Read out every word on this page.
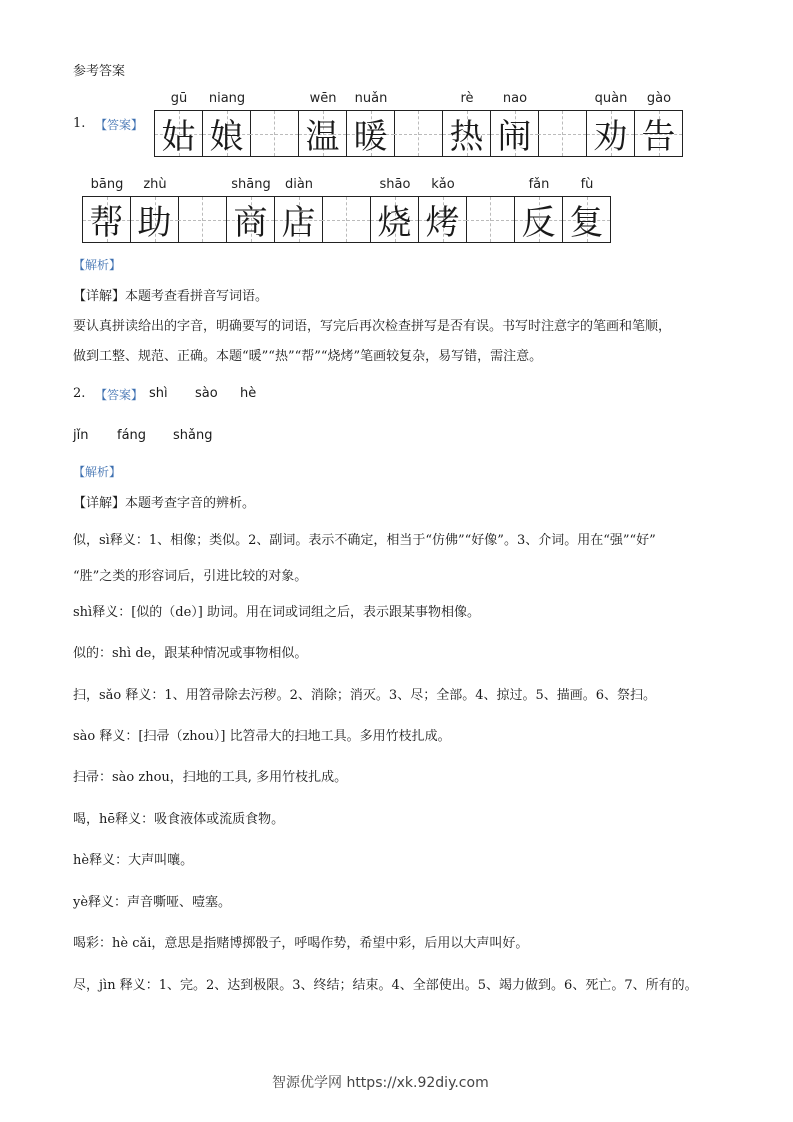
参考答案
1. 【答案】
gū	niang
姑 娘
wēn	nuǎn
温 暖
rè	nao
热 闹
quàn	gào
劝 告
bāng	zhù
帮 助
shāng	diàn
商 店
shāo	kǎo
烧 烤
fǎn	fù
反 复
【解析】
【详解】本题考查看拼音写词语。
要认真拼读给出的字音，明确要写的词语，写完后再次检查拼写是否有误。书写时注意字的笔画和笔顺，
做到工整、规范、正确。本题“暖”“热”“帮”“烧烤”笔画较复杂，易写错，需注意。
2. 【答案】 shì sào hè
jǐn fáng shǎng
【解析】
【详解】本题考查字音的辨析。
似，sì释义：1、相像；类似。2、副词。表示不确定，相当于“仿佛”“好像”。3、介词。用在“强”“好”
“胜”之类的形容词后，引进比较的对象。
shì释义：[似的（de）] 助词。用在词或词组之后，表示跟某事物相像。
似的：shì de，跟某种情况或事物相似。
扫，sǎo 释义：1、用笤帚除去污秽。2、消除；消灭。3、尽；全部。4、掠过。5、描画。6、祭扫。
sào 释义：[扫帚（zhou）] 比笤帚大的扫地工具。多用竹枝扎成。
扫帚：sào zhou，扫地的工具, 多用竹枝扎成。
喝，hē释义：吸食液体或流质食物。
hè释义：大声叫嚷。
yè释义：声音嘶哑、噎塞。
喝彩：hè cǎi，意思是指赌博掷骰子，呼喝作势，希望中彩，后用以大声叫好。
尽，jìn 释义：1、完。2、达到极限。3、终结；结束。4、全部使出。5、竭力做到。6、死亡。7、所有的。
智源优学网 https://xk.92diy.com
